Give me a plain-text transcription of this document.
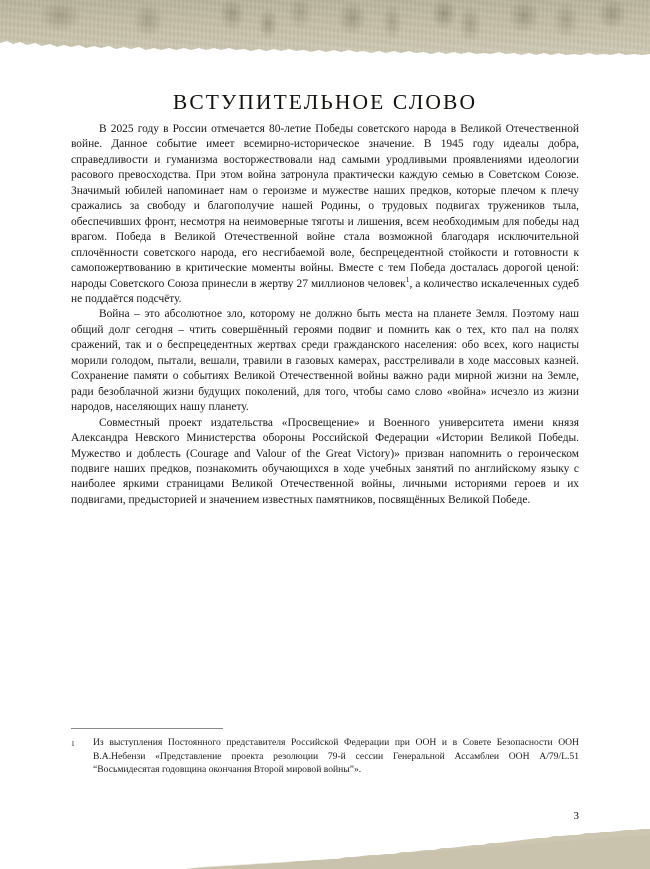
ВСТУПИТЕЛЬНОЕ СЛОВО

В 2025 году в России отмечается 80-летие Победы советского народа в Великой Отечественной войне. Данное событие имеет всемирно-историческое значение. В 1945 году идеалы добра, справедливости и гуманизма восторжествовали над самыми уродливыми проявлениями идеологии расового превосходства. При этом война затронула практически каждую семью в Советском Союзе. Значимый юбилей напоминает нам о героизме и мужестве наших предков, которые плечом к плечу сражались за свободу и благополучие нашей Родины, о трудовых подвигах тружеников тыла, обеспечивших фронт, несмотря на неимоверные тяготы и лишения, всем необходимым для победы над врагом. Победа в Великой Отечественной войне стала возможной благодаря исключительной сплочённости советского народа, его несгибаемой воле, беспрецедентной стойкости и готовности к самопожертвованию в критические моменты войны. Вместе с тем Победа досталась дорогой ценой: народы Советского Союза принесли в жертву 27 миллионов человек$^1$, а количество искалеченных судеб не поддаётся подсчёту.

Война – это абсолютное зло, которому не должно быть места на планете Земля. Поэтому наш общий долг сегодня – чтить совершённый героями подвиг и помнить как о тех, кто пал на полях сражений, так и о беспрецедентных жертвах среди гражданского населения: обо всех, кого нацисты морили голодом, пытали, вешали, травили в газовых камерах, расстреливали в ходе массовых казней. Сохранение памяти о событиях Великой Отечественной войны важно ради мирной жизни на Земле, ради безоблачной жизни будущих поколений, для того, чтобы само слово «война» исчезло из жизни народов, населяющих нашу планету.

Совместный проект издательства «Просвещение» и Военного университета имени князя Александра Невского Министерства обороны Российской Федерации «Истории Великой Победы. Мужество и доблесть (Courage and Valour of the Great Victory)» призван напомнить о героическом подвиге наших предков, познакомить обучающихся в ходе учебных занятий по английскому языку с наиболее яркими страницами Великой Отечественной войны, личными историями героев и их подвигами, предысторией и значением известных памятников, посвящённых Великой Победе.

1	Из выступления Постоянного представителя Российской Федерации при ООН и в Совете Безопасности ООН В.А.Небензи «Представление проекта резолюции 79-й сессии Генеральной Ассамблеи ООН A/79/L.51 “Восьмидесятая годовщина окончания Второй мировой войны”».

3
